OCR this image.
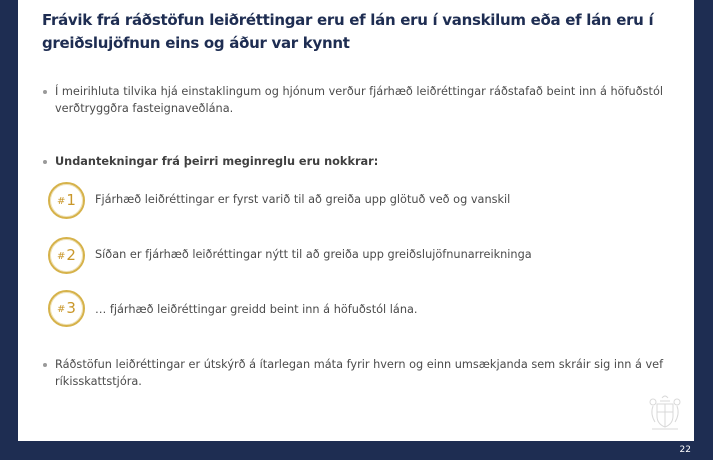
Frávik frá ráðstöfun leiðréttingar eru ef lán eru í vanskilum eða ef lán eru í greiðslujöfnun eins og áður var kynnt
Í meirihluta tilvika hjá einstaklingum og hjónum verður fjárhæð leiðréttingar ráðstafað beint inn á höfuðstól verðtryggðra fasteignaveðlána.
Undantekningar frá þeirri meginreglu eru nokkrar:
#1	Fjárhæð leiðréttingar er fyrst varið til að greiða upp glötuð veð og vanskil
#2	Síðan er fjárhæð leiðréttingar nýtt til að greiða upp greiðslujöfnunarreikninga
#3	… fjárhæð leiðréttingar greidd beint inn á höfuðstól lána.
Ráðstöfun leiðréttingar er útskýrð á ítarlegan máta fyrir hvern og einn umsækjanda sem skráir sig inn á vef ríkisskattstjóra.
22
